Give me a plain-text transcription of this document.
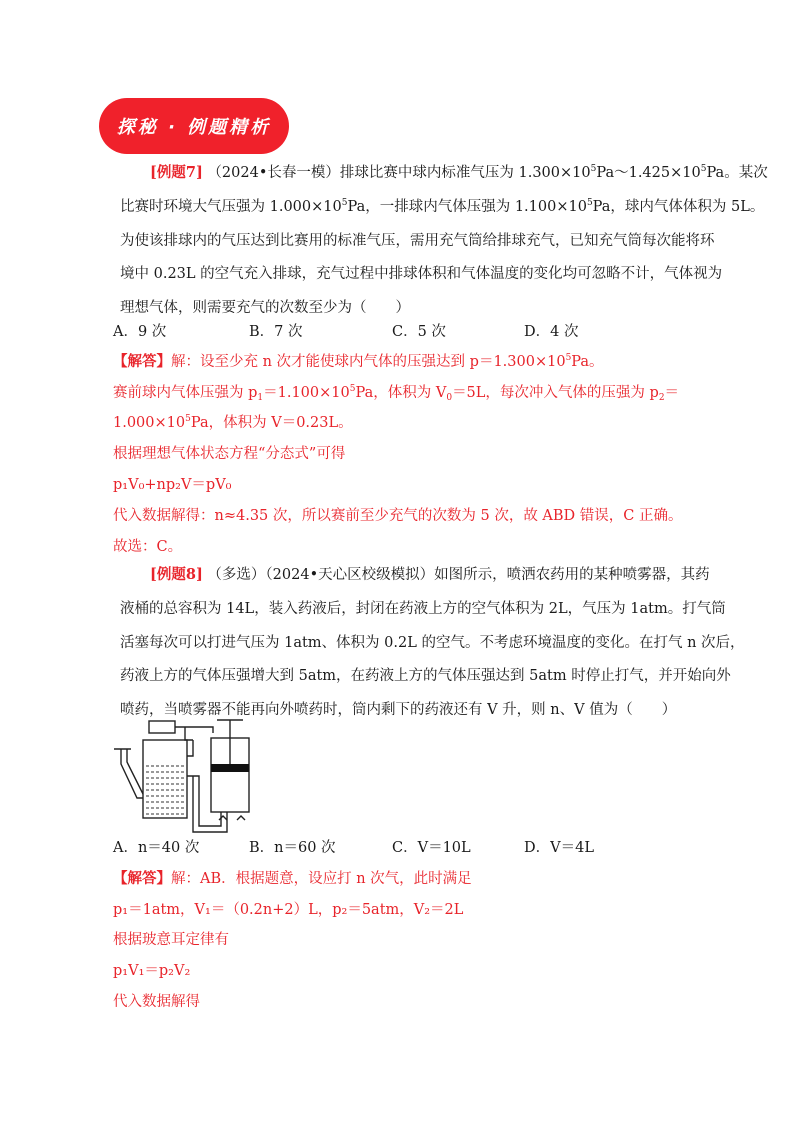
探秘 · 例题精析
[例题7] （2024•长春一模）排球比赛中球内标准气压为 $1.300\times 10^5Pa\sim 1.425\times 10^5Pa$。某次
比赛时环境大气压强为 $1.000\times 10^5Pa$，一排球内气体压强为 $1.100\times 10^5Pa$，球内气体体积为 5L。
为使该排球内的气压达到比赛用的标准气压，需用充气筒给排球充气，已知充气筒每次能将环
境中 0.23L 的空气充入排球，充气过程中排球体积和气体温度的变化均可忽略不计，气体视为
理想气体，则需要充气的次数至少为（　　）
A．9 次	B．7 次	C．5 次	D．4 次
【解答】解：设至少充 n 次才能使球内气体的压强达到 $p=1.300\times 10^5Pa$。
赛前球内气体压强为 $p_1=1.100\times 10^5Pa$，体积为 $V_0=5L$，每次冲入气体的压强为 $p_2=$
$1.000\times 10^5Pa$，体积为 V＝0.23L。
根据理想气体状态方程“分态式”可得
p₁V₀+np₂V＝pV₀
代入数据解得：n≈4.35 次，所以赛前至少充气的次数为 5 次，故 ABD 错误，C 正确。
故选：C。
[例题8] （多选）（2024•天心区校级模拟）如图所示，喷洒农药用的某种喷雾器，其药
液桶的总容积为 14L，装入药液后，封闭在药液上方的空气体积为 2L，气压为 1atm。打气筒
活塞每次可以打进气压为 1atm、体积为 0.2L 的空气。不考虑环境温度的变化。在打气 n 次后，
药液上方的气体压强增大到 5atm，在药液上方的气体压强达到 5atm 时停止打气，并开始向外
喷药，当喷雾器不能再向外喷药时，筒内剩下的药液还有 V 升，则 n、V 值为（　　）
A．n＝40 次	B．n＝60 次	C．V＝10L	D．V＝4L
【解答】解：AB．根据题意，设应打 n 次气，此时满足
p₁＝1atm，V₁＝（0.2n+2）L，p₂＝5atm，V₂＝2L
根据玻意耳定律有
p₁V₁＝p₂V₂
代入数据解得
